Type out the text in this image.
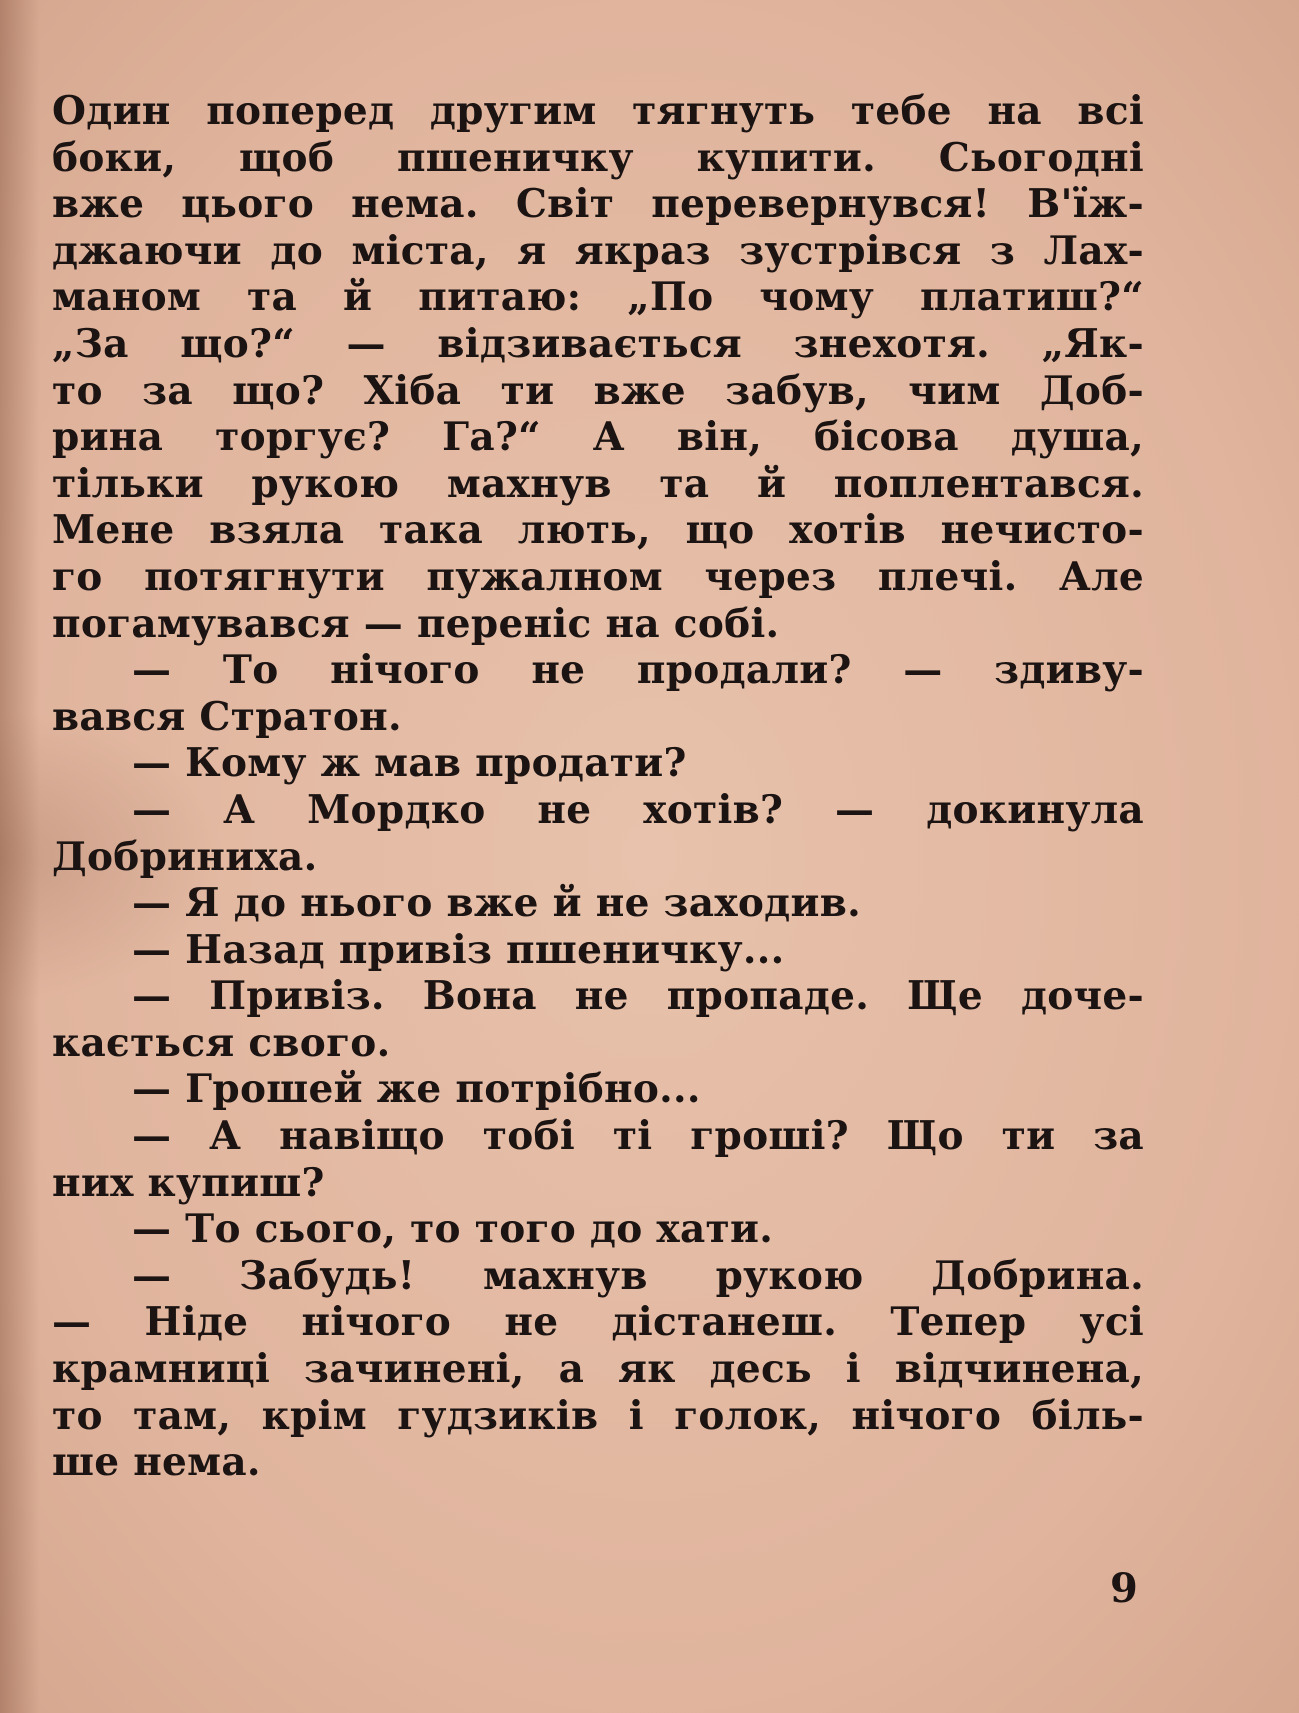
Один поперед другим тягнуть тебе на всі
боки, щоб пшеничку купити. Сьогодні
вже цього нема. Світ перевернувся! В'їж-
джаючи до міста, я якраз зустрівся з Лах-
маном та й питаю: „По чому платиш?“
„За що?“ — відзивається знехотя. „Як-
то за що? Хіба ти вже забув, чим Доб-
рина торгує? Га?“ А він, бісова душа,
тільки рукою махнув та й поплентався.
Мене взяла така лють, що хотів нечисто-
го потягнути пужалном через плечі. Але
погамувався — переніс на собі.
— То нічого не продали? — здиву-
вався Стратон.
— Кому ж мав продати?
— А Мордко не хотів? — докинула
Добриниха.
— Я до нього вже й не заходив.
— Назад привіз пшеничку...
— Привіз. Вона не пропаде. Ще доче-
кається свого.
— Грошей же потрібно...
— А навіщо тобі ті гроші? Що ти за
них купиш?
— То сього, то того до хати.
— Забудь! махнув рукою Добрина.
— Ніде нічого не дістанеш. Тепер усі
крамниці зачинені, а як десь і відчинена,
то там, крім гудзиків і голок, нічого біль-
ше нема.
9
